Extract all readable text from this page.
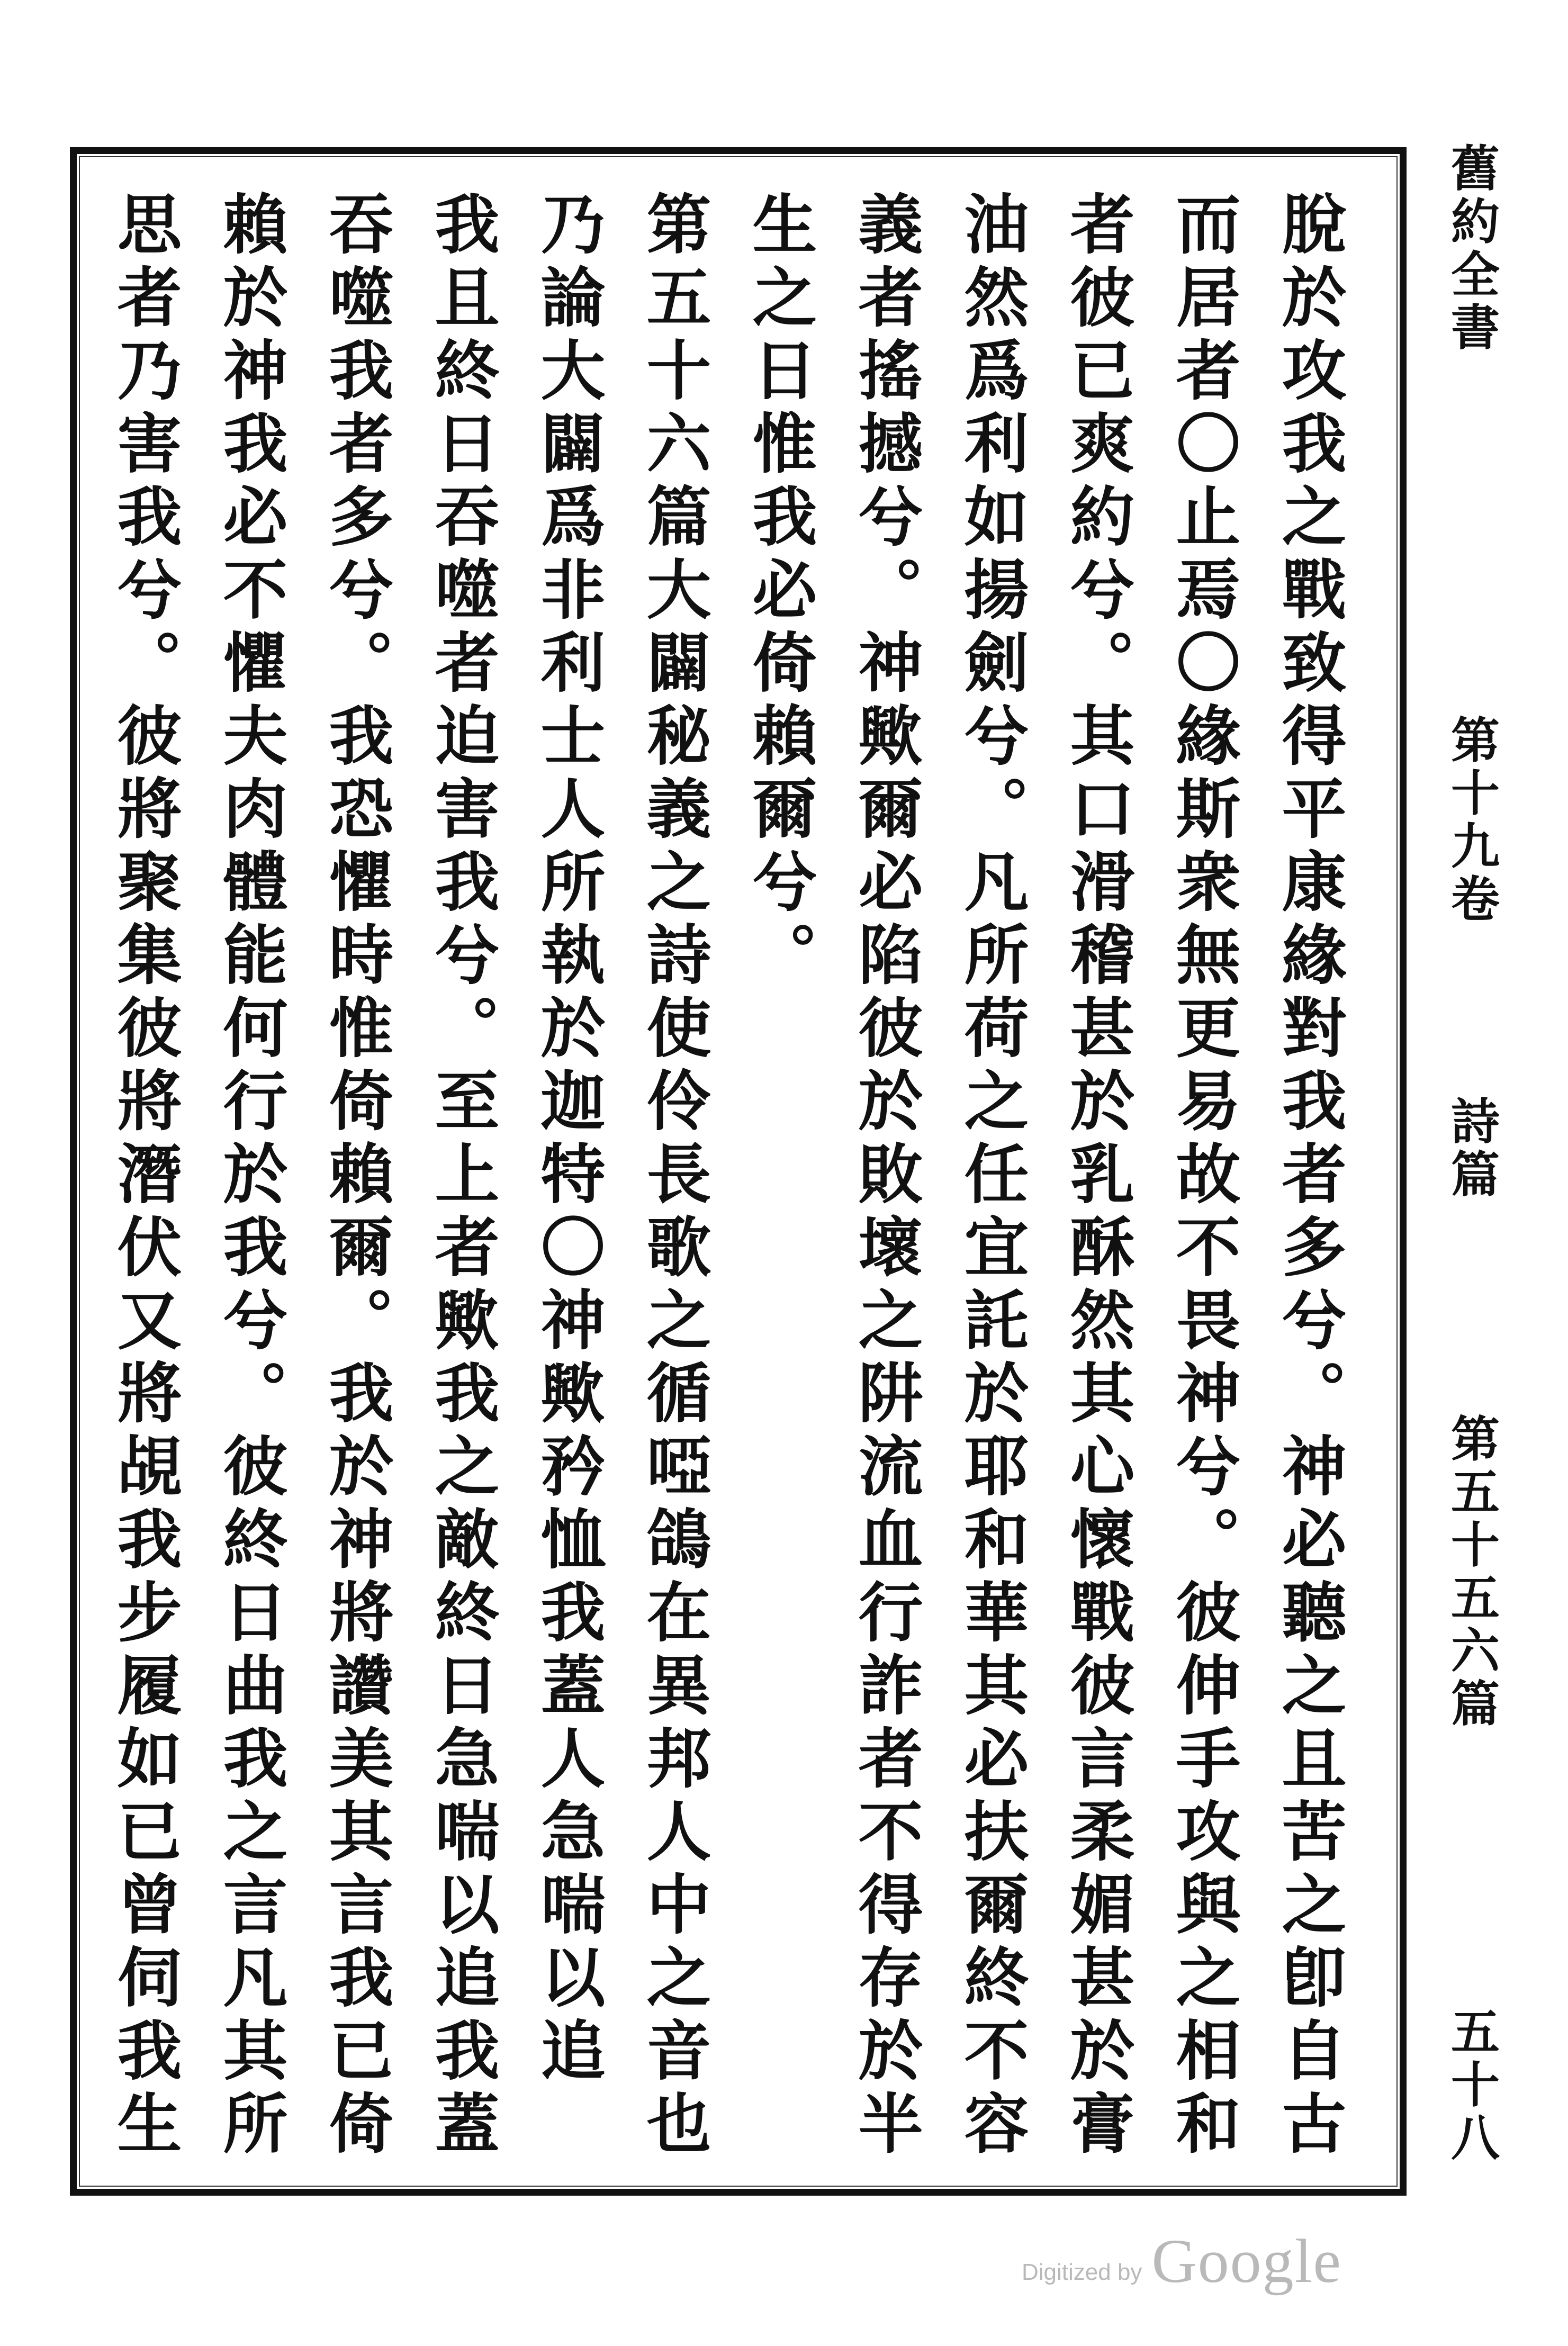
舊約全書
第十九卷
詩篇
第五十五六篇
五十八
脫於攻我之戰致得平康緣對我者多兮。神必聽之且苦之卽自古
而居者〇止焉〇緣斯衆無更易故不畏神兮。彼伸手攻與之相和
者彼已爽約兮。其口滑稽甚於乳酥然其心懷戰彼言柔媚甚於膏
油然爲利如揚劍兮。凡所荷之任宜託於耶和華其必扶爾終不容
義者搖撼兮。神歟爾必陷彼於敗壞之阱流血行詐者不得存於半
生之日惟我必倚賴爾兮。
第五十六篇大闢秘義之詩使伶長歌之循啞鴿在異邦人中之音也
乃論大闢爲非利士人所執於迦特〇神歟矜恤我蓋人急喘以追
我且終日吞噬者迫害我兮。至上者歟我之敵終日急喘以追我蓋
吞噬我者多兮。我恐懼時惟倚賴爾。我於神將讚美其言我已倚
賴於神我必不懼夫肉體能何行於我兮。彼終日曲我之言凡其所
思者乃害我兮。彼將聚集彼將潛伏又將覘我步履如已曾伺我生
Digitized by Google
